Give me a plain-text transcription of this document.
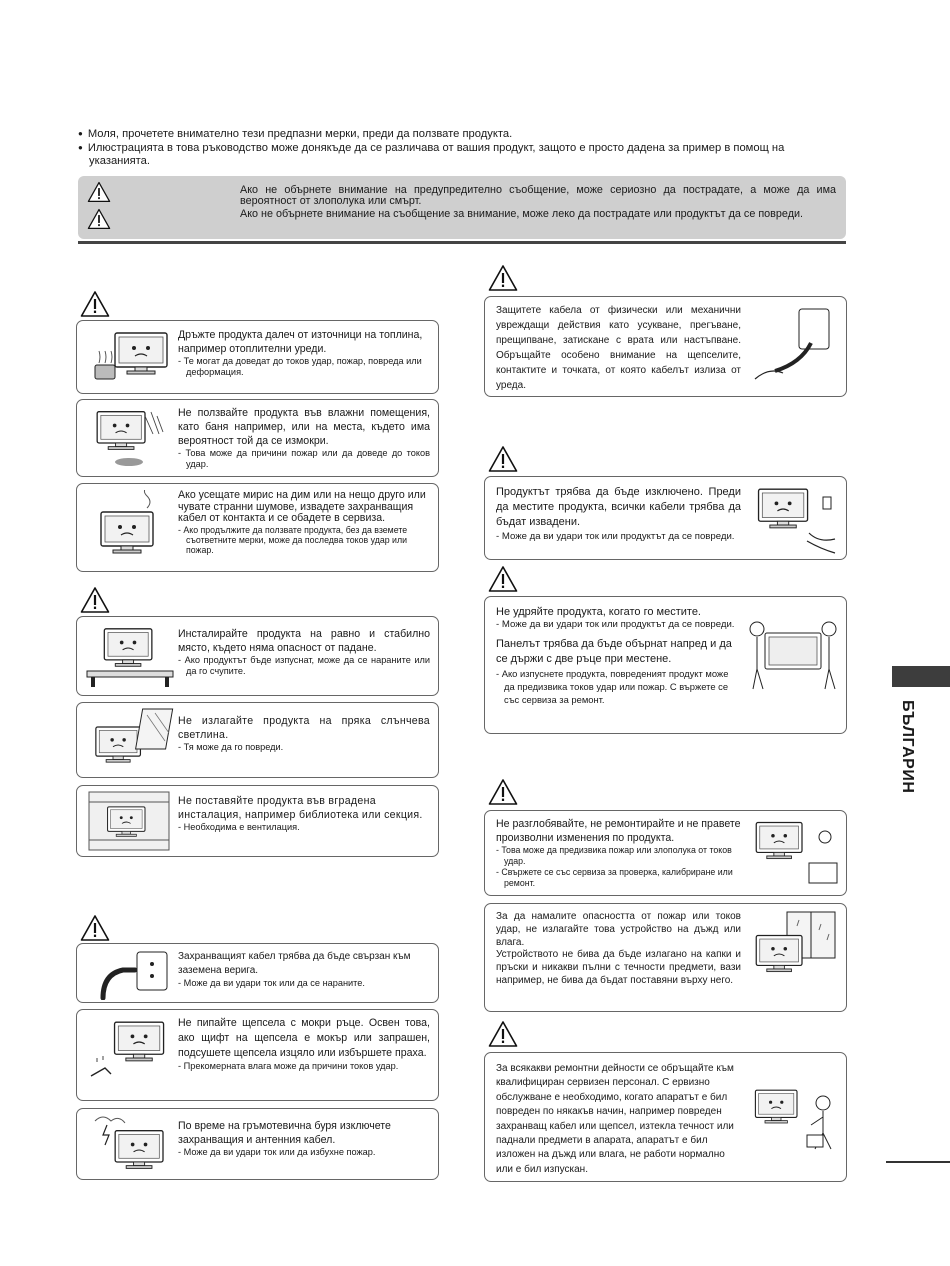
● Моля, прочетете внимателно тези предпазни мерки, преди да ползвате продукта.

● Илюстрацията в това ръководство може донякъде да се различава от вашия продукт, защото е просто дадена за пример в помощ на указанията.

Ако не обърнете внимание на предупредително съобщение, може сериозно да пострадате, а може да има вероятност от злополука или смърт.
Ако не обърнете внимание на съобщение за внимание, може леко да пострадате или продуктът да се повреди.
Дръжте продукта далеч от източници на топлина, например отоплителни уреди.
- Те могат да доведат до токов удар, пожар, повреда или деформация.
Не ползвайте продукта във влажни помещения, като баня например, или на места, където има вероятност той да се измокри.
- Това може да причини пожар или да доведе до токов удар.
Ако усещате мирис на дим или на нещо друго или чувате странни шумове, извадете захранващия кабел от контакта и се обадете в сервиза.
- Ако продължите да ползвате продукта, без да вземете съответните мерки, може да последва токов удар или пожар.
Инсталирайте продукта на равно и стабилно място, където няма опасност от падане.
- Ако продуктът бъде изпуснат, може да се нараните или да го счупите.
Не излагайте продукта на пряка слънчева светлина.
- Тя може да го повреди.
Не поставяйте продукта във вградена инсталация, например библиотека или секция.
- Необходима е вентилация.
Захранващият кабел трябва да бъде свързан към заземена верига.
- Може да ви удари ток или да се нараните.
Не пипайте щепсела с мокри ръце. Освен това, ако щифт на щепсела е мокър или запрашен, подсушете щепсела изцяло или избършете праха.
- Прекомерната влага може да причини токов удар.
По време на гръмотевична буря изключете захранващия и антенния кабел.
- Може да ви удари ток или да избухне пожар.
Защитете кабела от физически или механични увреждащи действия като усукване, прегъване, прещипване, затискане с врата или настъпване. Обръщайте особено внимание на щепселите, контактите и точката, от която кабелът излиза от уреда.
Продуктът трябва да бъде изключено. Преди да местите продукта, всички кабели трябва да бъдат извадени.
- Може да ви удари ток или продуктът да се повреди.
Не удряйте продукта, когато го местите.
- Може да ви удари ток или продуктът да се повреди.
Панелът трябва да бъде обърнат напред и да се държи с две ръце при местене.
- Ако изпуснете продукта, повреденият продукт може да предизвика токов удар или пожар. С вържете се със сервиза за ремонт.
Не разглобявайте, не ремонтирайте и не правете произволни изменения по продукта.
- Това може да предизвика пожар или злополука от токов удар.
- Свържете се със сервиза за проверка, калибриране или ремонт.
За да намалите опасността от пожар или токов удар, не излагайте това устройство на дъжд или влага.
Устройството не бива да бъде излагано на капки и пръски и никакви пълни с течности предмети, вази например, не бива да бъдат поставяни върху него.
За всякакви ремонтни дейности се обръщайте към квалифициран сервизен персонал. С ервизно обслужване е необходимо, когато апаратът е бил повреден по някакъв начин, например повреден захранващ кабел или щепсел, изтекла течност или паднали предмети в апарата, апаратът е бил изложен на дъжд или влага, не работи нормално или е бил изпускан.
БЪЛГАРИН
